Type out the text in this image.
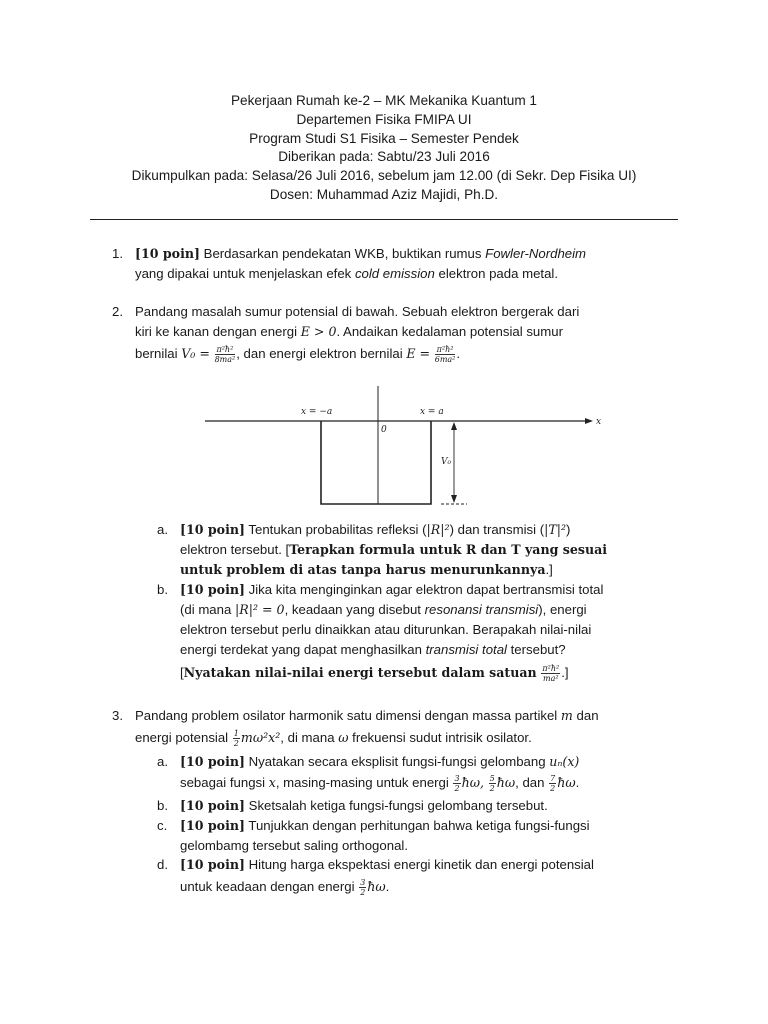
Pekerjaan Rumah ke-2 – MK Mekanika Kuantum 1
Departemen Fisika FMIPA UI
Program Studi S1 Fisika – Semester Pendek
Diberikan pada: Sabtu/23 Juli 2016
Dikumpulkan pada: Selasa/26 Juli 2016, sebelum jam 12.00 (di Sekr. Dep Fisika UI)
Dosen: Muhammad Aziz Majidi, Ph.D.
1. [10 poin] Berdasarkan pendekatan WKB, buktikan rumus Fowler-Nordheim
yang dipakai untuk menjelaskan efek cold emission elektron pada metal.
2. Pandang masalah sumur potensial di bawah. Sebuah elektron bergerak dari
kiri ke kanan dengan energi E > 0. Andaikan kedalaman potensial sumur
bernilai $V_0 = \frac{\text{π²ħ²}}{\text{8ma²}}$ , dan energi elektron bernilai $E = \frac{\text{π²ħ²}}{\text{6ma²}}$ .
x
x = −a	x = a
0
V₀
a. [10 poin] Tentukan probabilitas refleksi (|R|²) dan transmisi (|T|²)
elektron tersebut. [Terapkan formula untuk R dan T yang sesuai
untuk problem di atas tanpa harus menurunkannya.]
b. [10 poin] Jika kita menginginkan agar elektron dapat bertransmisi total
(di mana |R|² = 0, keadaan yang disebut resonansi transmisi), energi
elektron tersebut perlu dinaikkan atau diturunkan. Berapakah nilai-nilai
energi terdekat yang dapat menghasilkan transmisi total tersebut?
[Nyatakan nilai-nilai energi tersebut dalam satuan $\frac{\text{π²ħ²}}{\text{ma²}}$ .]
3. Pandang problem osilator harmonik satu dimensi dengan massa partikel m dan
energi potensial $\frac{1}{2} m\omega^2x^2$, di mana ω frekuensi sudut intrisik osilator.
a. [10 poin] Nyatakan secara eksplisit fungsi-fungsi gelombang uₙ(x)
sebagai fungsi x, masing-masing untuk energi $\frac{3}{2}$ ħω, $\frac{5}{2}$ ħω, dan $\frac{7}{2}$ ħω.
b. [10 poin] Sketsalah ketiga fungsi-fungsi gelombang tersebut.
c. [10 poin] Tunjukkan dengan perhitungan bahwa ketiga fungsi-fungsi
gelombamg tersebut saling orthogonal.
d. [10 poin] Hitung harga ekspektasi energi kinetik dan energi potensial
untuk keadaan dengan energi $\frac{3}{2}$ ħω.
